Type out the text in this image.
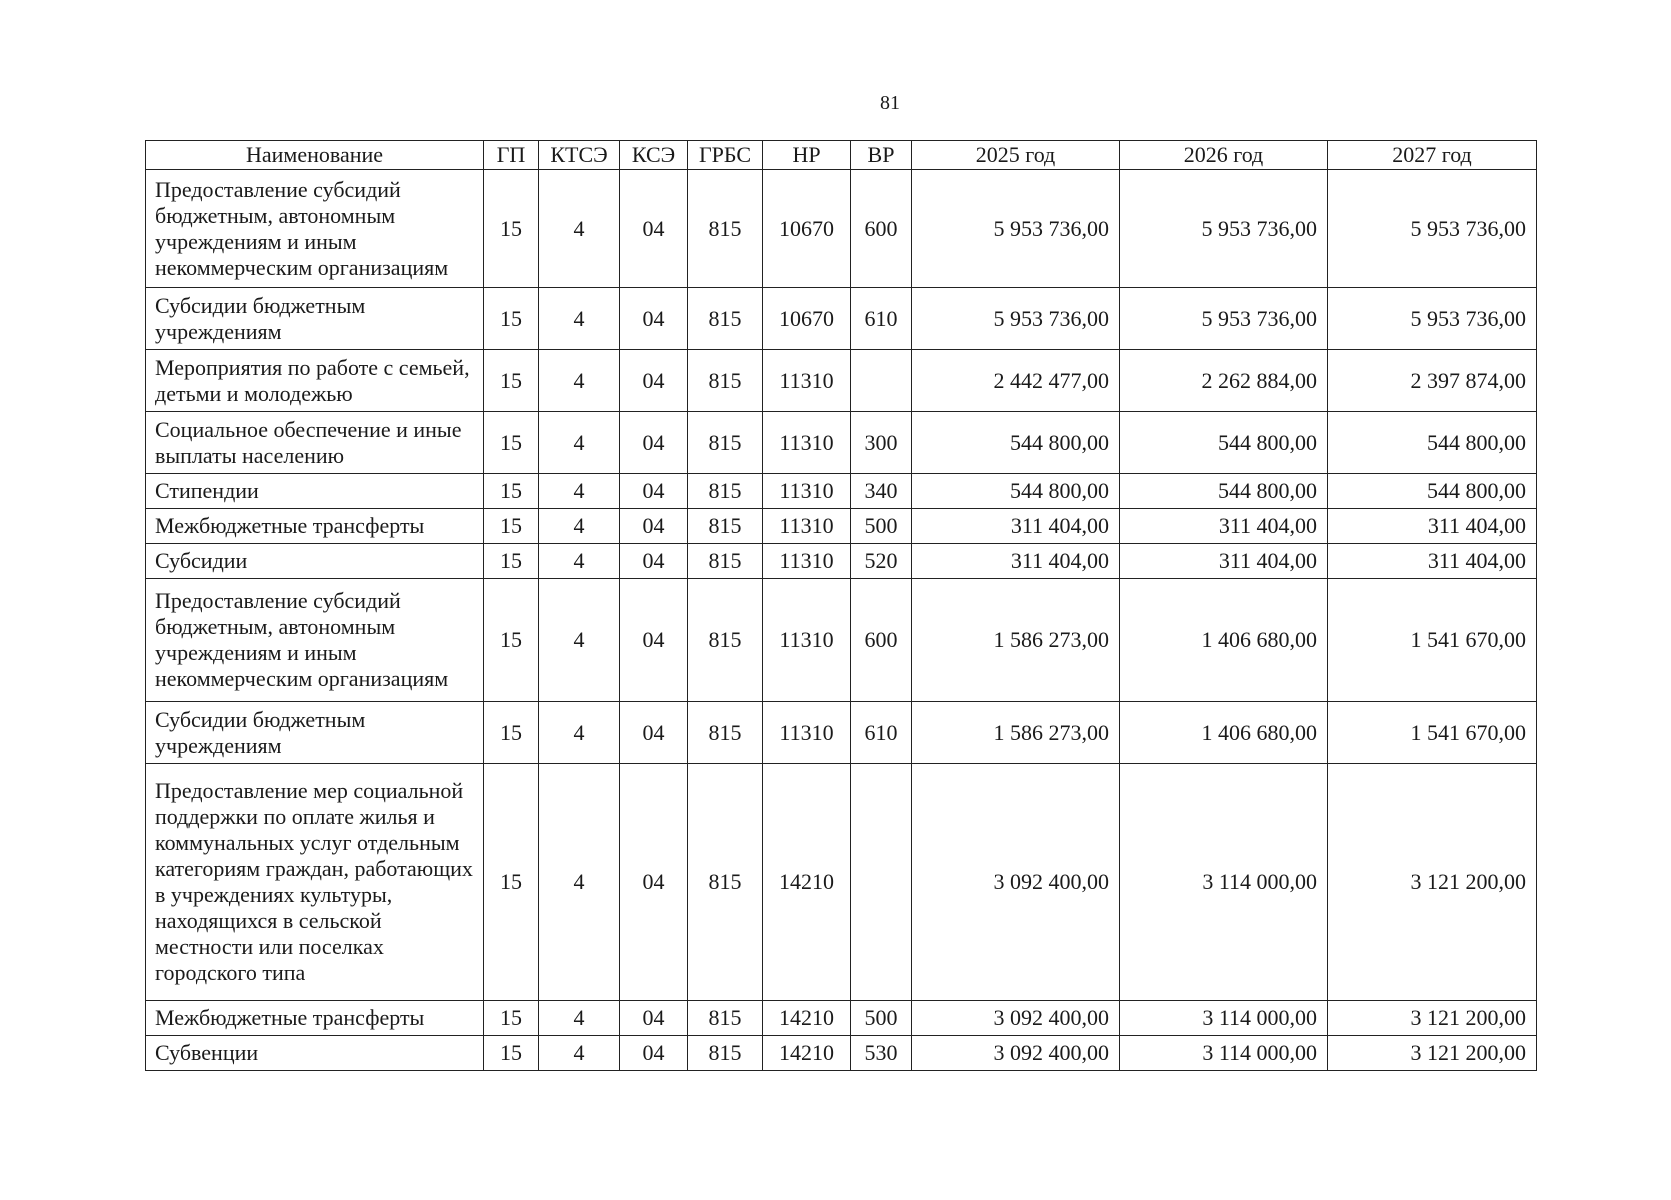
81
Наименование	ГП	КТСЭ	КСЭ	ГРБС	НР	ВР	2025 год	2026 год	2027 год
Предоставление субсидий бюджетным, автономным учреждениям и иным некоммерческим организациям	15	4	04	815	10670	600	5 953 736,00	5 953 736,00	5 953 736,00
Субсидии бюджетным учреждениям	15	4	04	815	10670	610	5 953 736,00	5 953 736,00	5 953 736,00
Мероприятия по работе с семьей, детьми и молодежью	15	4	04	815	11310		2 442 477,00	2 262 884,00	2 397 874,00
Социальное обеспечение и иные выплаты населению	15	4	04	815	11310	300	544 800,00	544 800,00	544 800,00
Стипендии	15	4	04	815	11310	340	544 800,00	544 800,00	544 800,00
Межбюджетные трансферты	15	4	04	815	11310	500	311 404,00	311 404,00	311 404,00
Субсидии	15	4	04	815	11310	520	311 404,00	311 404,00	311 404,00
Предоставление субсидий бюджетным, автономным учреждениям и иным некоммерческим организациям	15	4	04	815	11310	600	1 586 273,00	1 406 680,00	1 541 670,00
Субсидии бюджетным учреждениям	15	4	04	815	11310	610	1 586 273,00	1 406 680,00	1 541 670,00
Предоставление мер социальной поддержки по оплате жилья и коммунальных услуг отдельным категориям граждан, работающих в учреждениях культуры, находящихся в сельской местности или поселках городского типа	15	4	04	815	14210		3 092 400,00	3 114 000,00	3 121 200,00
Межбюджетные трансферты	15	4	04	815	14210	500	3 092 400,00	3 114 000,00	3 121 200,00
Субвенции	15	4	04	815	14210	530	3 092 400,00	3 114 000,00	3 121 200,00
